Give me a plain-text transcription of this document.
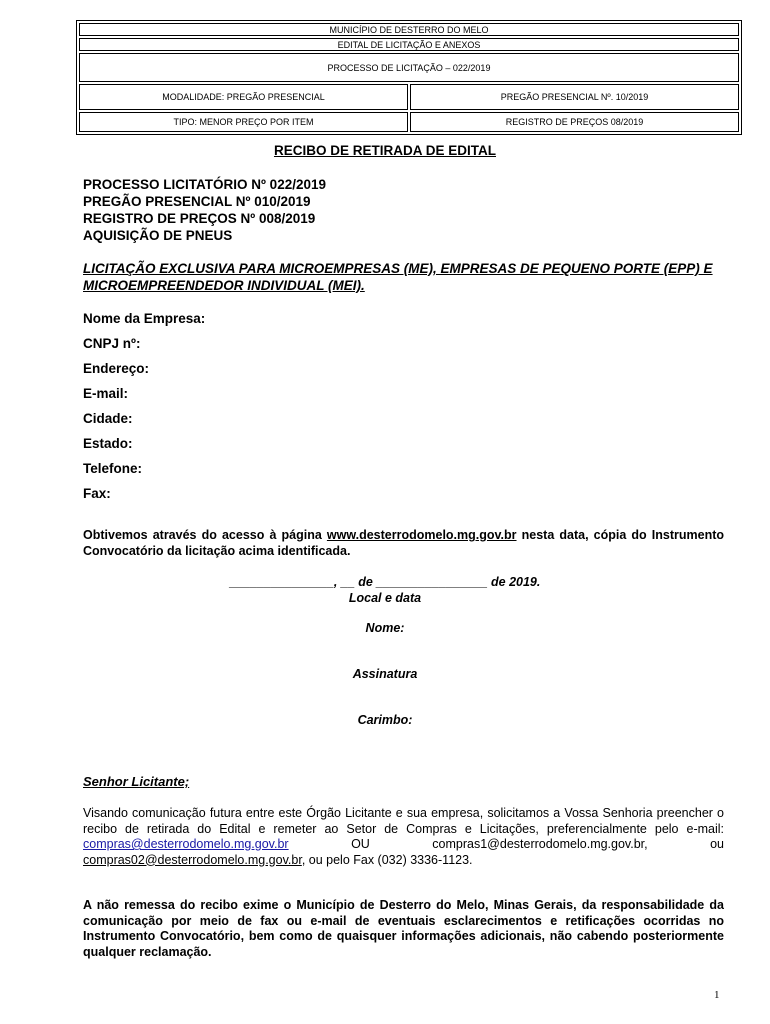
MUNICÍPIO DE DESTERRO DO MELO	
EDITAL DE LICITAÇÃO E ANEXOS	
PROCESSO DE LICITAÇÃO – 022/2019	
MODALIDADE: PREGÃO PRESENCIAL	PREGÃO PRESENCIAL Nº. 10/2019
TIPO: MENOR PREÇO POR ITEM	REGISTRO DE PREÇOS 08/2019
RECIBO DE RETIRADA DE EDITAL
PROCESSO LICITATÓRIO Nº 022/2019
PREGÃO PRESENCIAL Nº 010/2019
REGISTRO DE PREÇOS Nº 008/2019
AQUISIÇÃO DE PNEUS
LICITAÇÃO EXCLUSIVA PARA MICROEMPRESAS (ME), EMPRESAS DE PEQUENO PORTE (EPP) E MICROEMPREENDEDOR INDIVIDUAL (MEI).
Nome da Empresa:
CNPJ nº:
Endereço:
E-mail:
Cidade:
Estado:
Telefone:
Fax:
Obtivemos através do acesso à página www.desterrodomelo.mg.gov.br nesta data, cópia do Instrumento Convocatório da licitação acima identificada.
_______________, __ de ________________ de 2019.
Local e data
Nome:
Assinatura
Carimbo:
Senhor Licitante;
Visando comunicação futura entre este Órgão Licitante e sua empresa, solicitamos a Vossa Senhoria preencher o recibo de retirada do Edital e remeter ao Setor de Compras e Licitações, preferencialmente pelo e-mail: compras@desterrodomelo.mg.gov.br OU compras1@desterrodomelo.mg.gov.br, ou compras02@desterrodomelo.mg.gov.br, ou pelo Fax (032) 3336-1123.
A não remessa do recibo exime o Município de Desterro do Melo, Minas Gerais, da responsabilidade da comunicação por meio de fax ou e-mail de eventuais esclarecimentos e retificações ocorridas no Instrumento Convocatório, bem como de quaisquer informações adicionais, não cabendo posteriormente qualquer reclamação.
1
